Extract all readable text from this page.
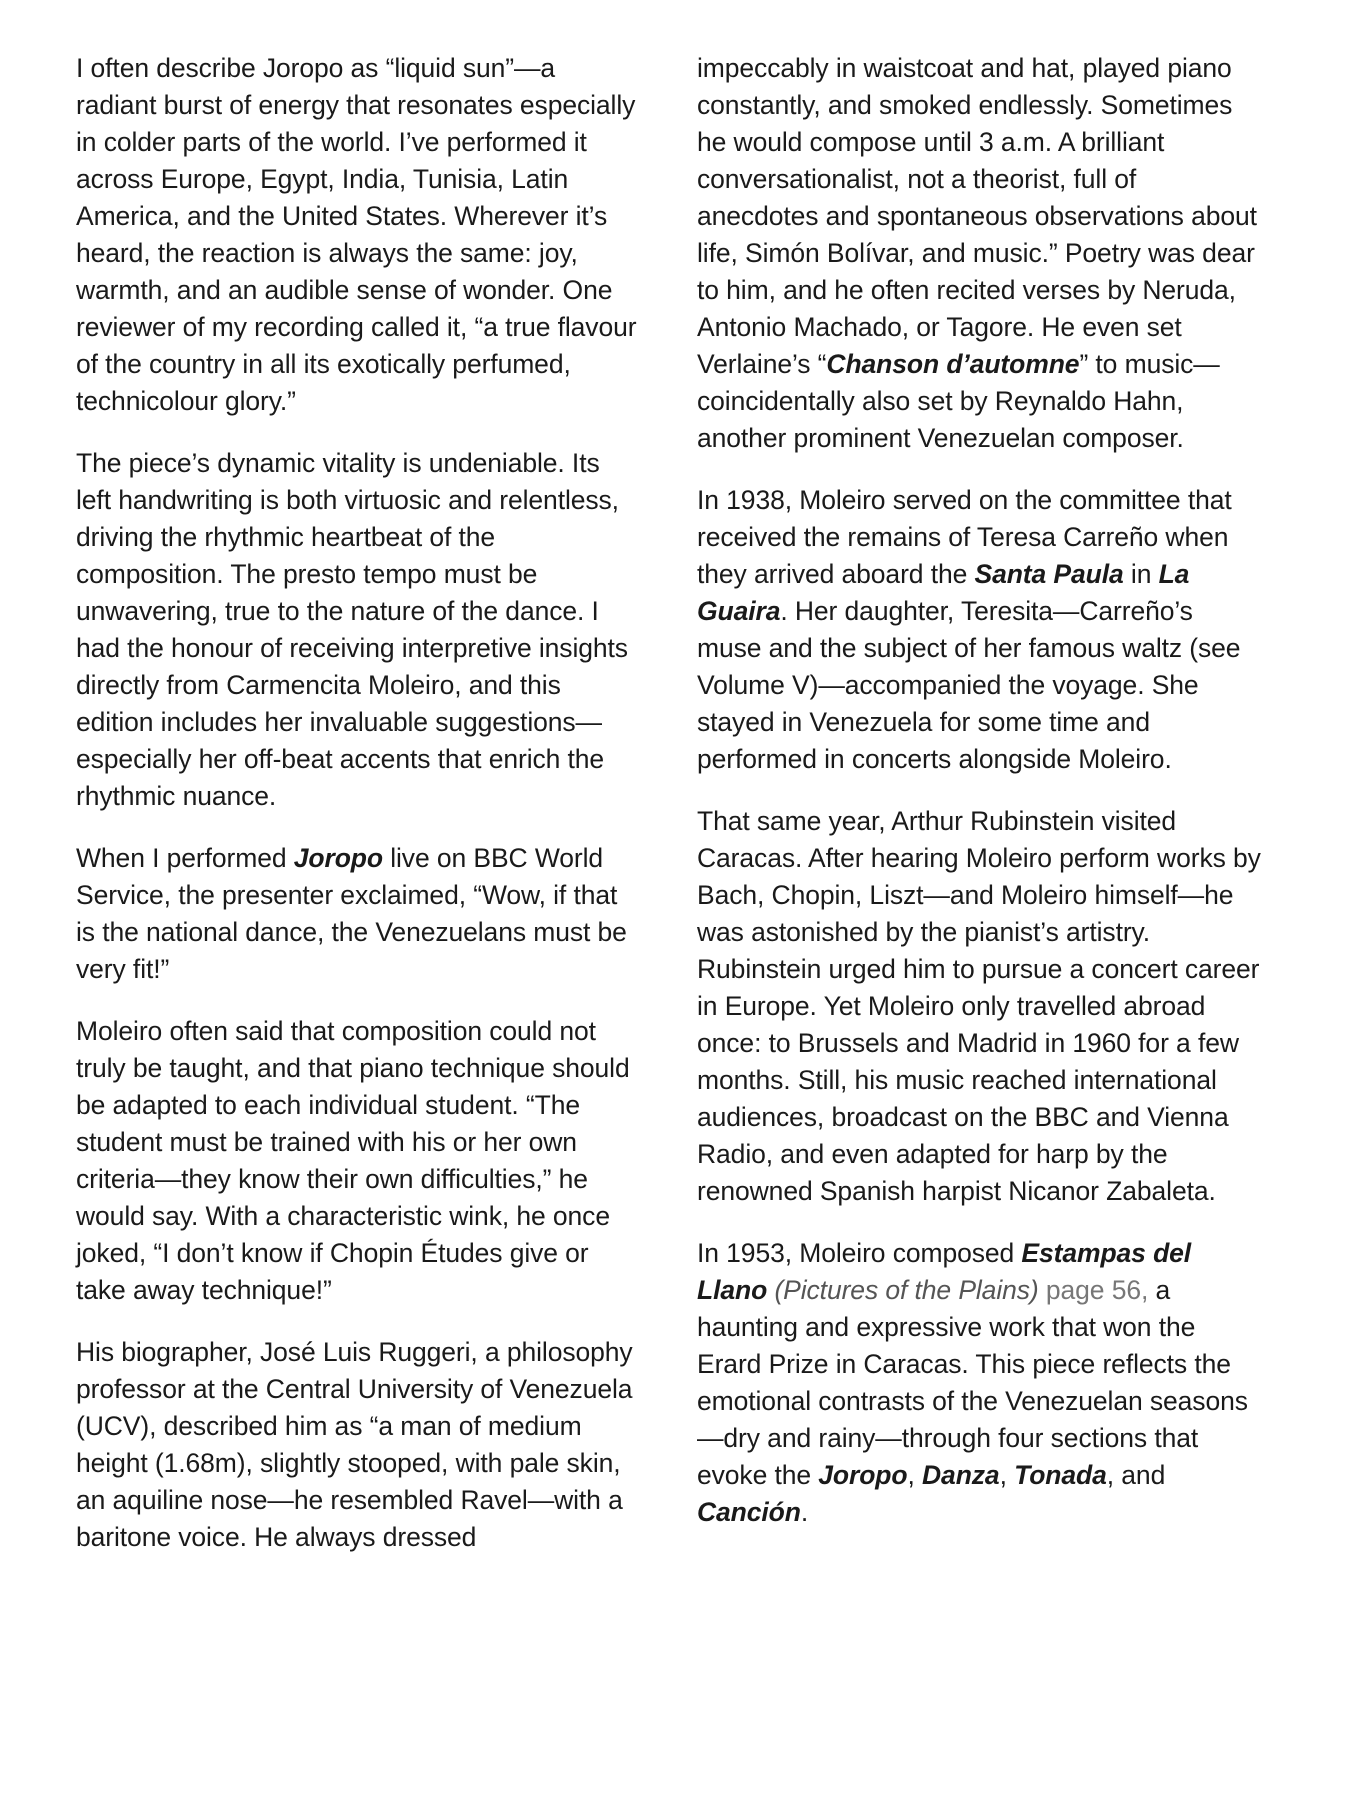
I often describe Joropo as “liquid sun”—a radiant burst of energy that resonates especially in colder parts of the world. I’ve performed it across Europe, Egypt, India, Tunisia, Latin America, and the United States. Wherever it’s heard, the reaction is always the same: joy, warmth, and an audible sense of wonder. One reviewer of my recording called it, “a true flavour of the country in all its exotically perfumed, technicolour glory.”

The piece’s dynamic vitality is undeniable. Its left handwriting is both virtuosic and relentless, driving the rhythmic heartbeat of the composition. The presto tempo must be unwavering, true to the nature of the dance. I had the honour of receiving interpretive insights directly from Carmencita Moleiro, and this edition includes her invaluable suggestions—especially her off-beat accents that enrich the rhythmic nuance.

When I performed Joropo live on BBC World Service, the presenter exclaimed, “Wow, if that is the national dance, the Venezuelans must be very fit!”

Moleiro often said that composition could not truly be taught, and that piano technique should be adapted to each individual student. “The student must be trained with his or her own criteria—they know their own difficulties,” he would say. With a characteristic wink, he once joked, “I don’t know if Chopin Études give or take away technique!”

His biographer, José Luis Ruggeri, a philosophy professor at the Central University of Venezuela (UCV), described him as “a man of medium height (1.68m), slightly stooped, with pale skin, an aquiline nose—he resembled Ravel—with a baritone voice. He always dressed

impeccably in waistcoat and hat, played piano constantly, and smoked endlessly. Sometimes he would compose until 3 a.m. A brilliant conversationalist, not a theorist, full of anecdotes and spontaneous observations about life, Simón Bolívar, and music.” Poetry was dear to him, and he often recited verses by Neruda, Antonio Machado, or Tagore. He even set Verlaine’s “Chanson d’automne” to music—coincidentally also set by Reynaldo Hahn, another prominent Venezuelan composer.

In 1938, Moleiro served on the committee that received the remains of Teresa Carreño when they arrived aboard the Santa Paula in La Guaira. Her daughter, Teresita—Carreño’s muse and the subject of her famous waltz (see Volume V)—accompanied the voyage. She stayed in Venezuela for some time and performed in concerts alongside Moleiro.

That same year, Arthur Rubinstein visited Caracas. After hearing Moleiro perform works by Bach, Chopin, Liszt—and Moleiro himself—he was astonished by the pianist’s artistry. Rubinstein urged him to pursue a concert career in Europe. Yet Moleiro only travelled abroad once: to Brussels and Madrid in 1960 for a few months. Still, his music reached international audiences, broadcast on the BBC and Vienna Radio, and even adapted for harp by the renowned Spanish harpist Nicanor Zabaleta.

In 1953, Moleiro composed Estampas del Llano (Pictures of the Plains) page 56, a haunting and expressive work that won the Erard Prize in Caracas. This piece reflects the emotional contrasts of the Venezuelan seasons—dry and rainy—through four sections that evoke the Joropo, Danza, Tonada, and Canción.
